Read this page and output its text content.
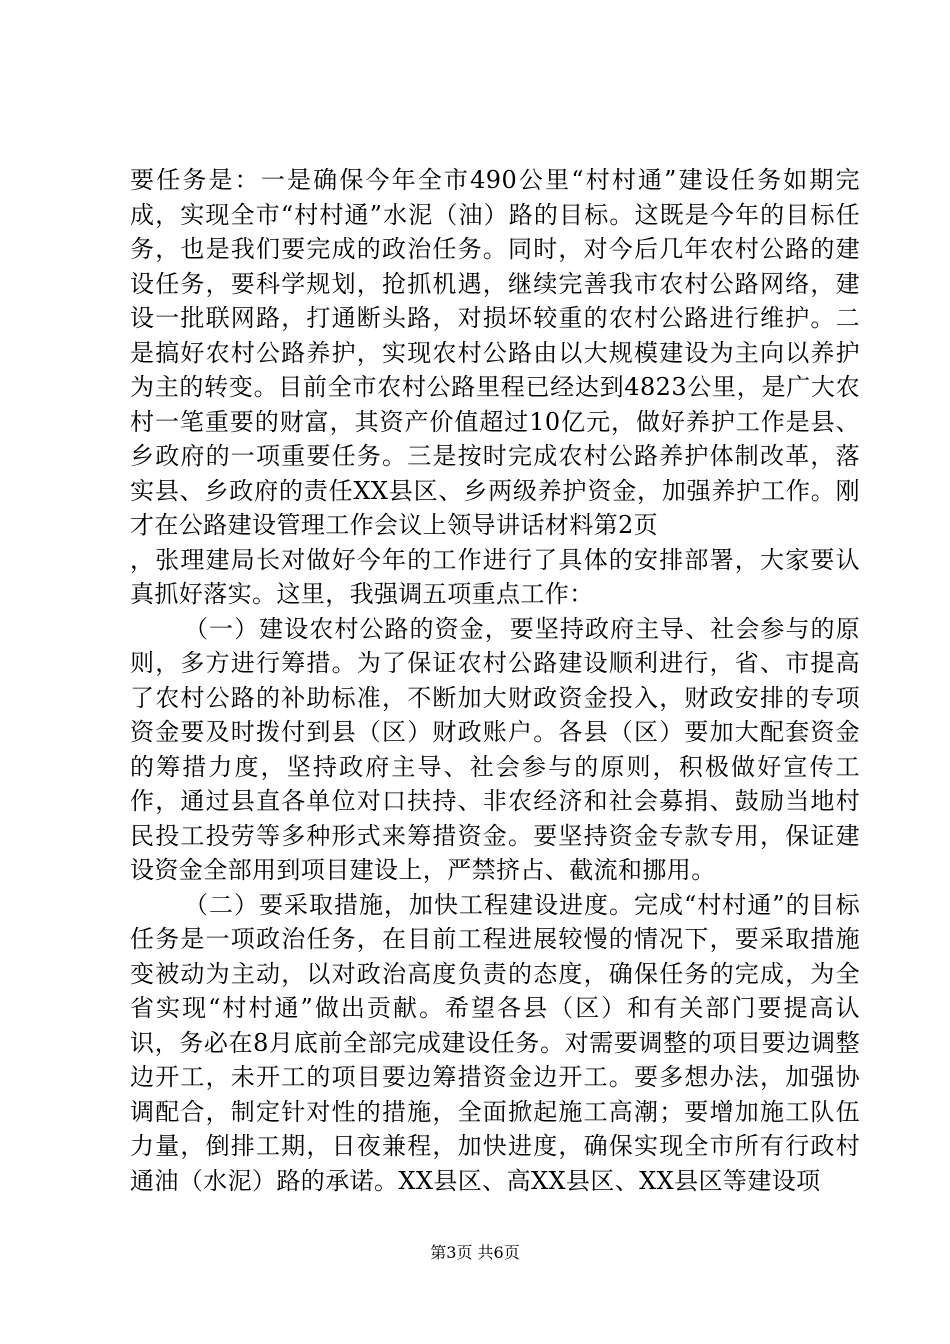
要任务是：一是确保今年全市490公里“村村通”建设任务如期完成，实现全市“村村通”水泥（油）路的目标。这既是今年的目标任务，也是我们要完成的政治任务。同时，对今后几年农村公路的建设任务，要科学规划，抢抓机遇，继续完善我市农村公路网络，建设一批联网路，打通断头路，对损坏较重的农村公路进行维护。二是搞好农村公路养护，实现农村公路由以大规模建设为主向以养护为主的转变。目前全市农村公路里程已经达到4823公里，是广大农村一笔重要的财富，其资产价值超过10亿元，做好养护工作是县、乡政府的一项重要任务。三是按时完成农村公路养护体制改革，落实县、乡政府的责任XX县区、乡两级养护资金，加强养护工作。刚才在公路建设管理工作会议上领导讲话材料第2页

，张理建局长对做好今年的工作进行了具体的安排部署，大家要认真抓好落实。这里，我强调五项重点工作：

（一）建设农村公路的资金，要坚持政府主导、社会参与的原则，多方进行筹措。为了保证农村公路建设顺利进行，省、市提高了农村公路的补助标准，不断加大财政资金投入，财政安排的专项资金要及时拨付到县（区）财政账户。各县（区）要加大配套资金的筹措力度，坚持政府主导、社会参与的原则，积极做好宣传工作，通过县直各单位对口扶持、非农经济和社会募捐、鼓励当地村民投工投劳等多种形式来筹措资金。要坚持资金专款专用，保证建设资金全部用到项目建设上，严禁挤占、截流和挪用。

（二）要采取措施，加快工程建设进度。完成“村村通”的目标任务是一项政治任务，在目前工程进展较慢的情况下，要采取措施变被动为主动，以对政治高度负责的态度，确保任务的完成，为全省实现“村村通”做出贡献。希望各县（区）和有关部门要提高认识，务必在8月底前全部完成建设任务。对需要调整的项目要边调整边开工，未开工的项目要边筹措资金边开工。要多想办法，加强协调配合，制定针对性的措施，全面掀起施工高潮；要增加施工队伍力量，倒排工期，日夜兼程，加快进度，确保实现全市所有行政村通油（水泥）路的承诺。XX县区、高XX县区、XX县区等建设项

第3页 共6页
